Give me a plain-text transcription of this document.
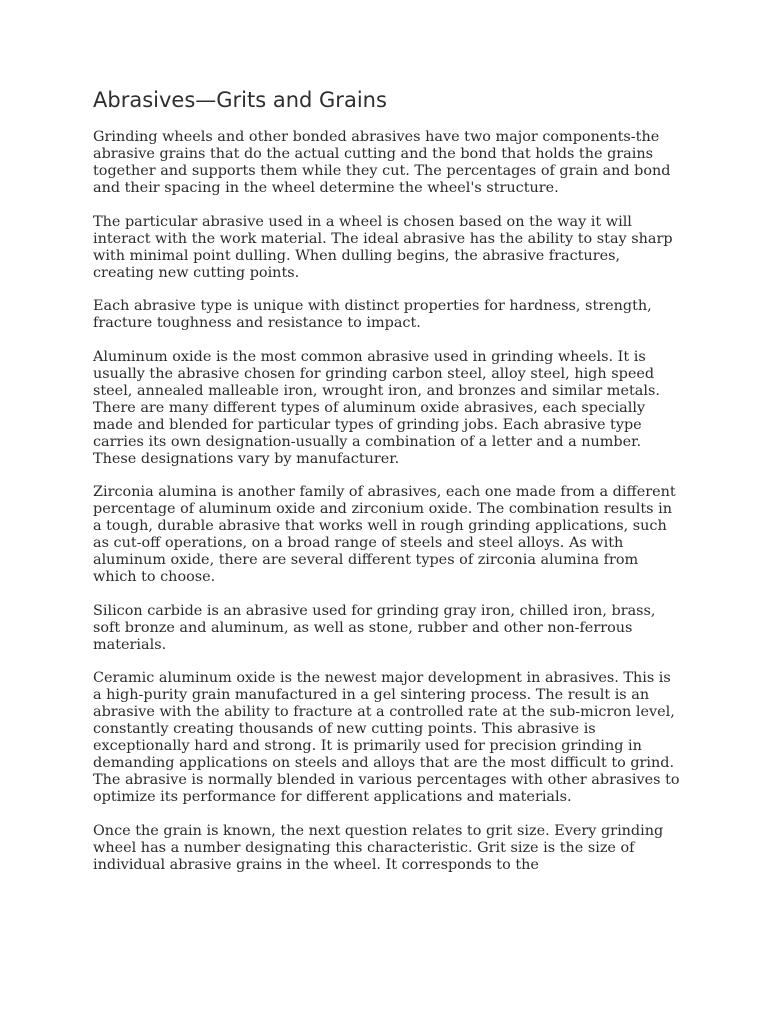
Abrasives—Grits and Grains

Grinding wheels and other bonded abrasives have two major components-the abrasive grains that do the actual cutting and the bond that holds the grains together and supports them while they cut. The percentages of grain and bond and their spacing in the wheel determine the wheel's structure.

The particular abrasive used in a wheel is chosen based on the way it will interact with the work material. The ideal abrasive has the ability to stay sharp with minimal point dulling. When dulling begins, the abrasive fractures, creating new cutting points.

Each abrasive type is unique with distinct properties for hardness, strength, fracture toughness and resistance to impact.

Aluminum oxide is the most common abrasive used in grinding wheels. It is usually the abrasive chosen for grinding carbon steel, alloy steel, high speed steel, annealed malleable iron, wrought iron, and bronzes and similar metals. There are many different types of aluminum oxide abrasives, each specially made and blended for particular types of grinding jobs. Each abrasive type carries its own designation-usually a combination of a letter and a number. These designations vary by manufacturer.

Zirconia alumina is another family of abrasives, each one made from a different percentage of aluminum oxide and zirconium oxide. The combination results in a tough, durable abrasive that works well in rough grinding applications, such as cut-off operations, on a broad range of steels and steel alloys. As with aluminum oxide, there are several different types of zirconia alumina from which to choose.

Silicon carbide is an abrasive used for grinding gray iron, chilled iron, brass, soft bronze and aluminum, as well as stone, rubber and other non-ferrous materials.

Ceramic aluminum oxide is the newest major development in abrasives. This is a high-purity grain manufactured in a gel sintering process. The result is an abrasive with the ability to fracture at a controlled rate at the sub-micron level, constantly creating thousands of new cutting points. This abrasive is exceptionally hard and strong. It is primarily used for precision grinding in demanding applications on steels and alloys that are the most difficult to grind. The abrasive is normally blended in various percentages with other abrasives to optimize its performance for different applications and materials.

Once the grain is known, the next question relates to grit size. Every grinding wheel has a number designating this characteristic. Grit size is the size of individual abrasive grains in the wheel. It corresponds to the
